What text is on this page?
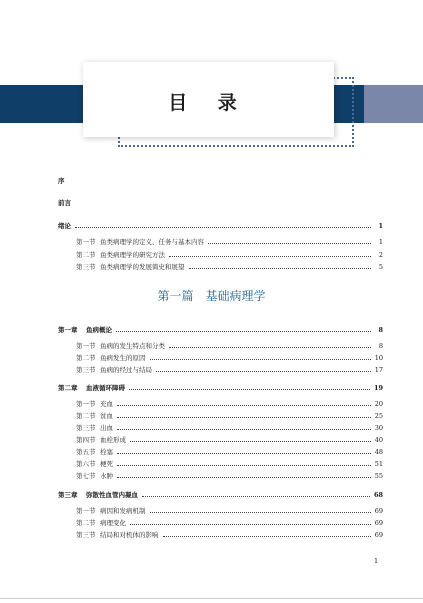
目 录
序
前言
绪论	1
第一节 鱼类病理学的定义、任务与基本内容	1
第二节 鱼类病理学的研究方法	2
第三节 鱼类病理学的发展简史和展望	5
第一篇　基础病理学
第一章	鱼病概论	8
第一节 鱼病的发生特点和分类	8
第二节 鱼病发生的原因	10
第三节 鱼病的经过与结局	17
第二章	血液循环障碍	19
第一节 充血	20
第二节 贫血	25
第三节 出血	30
第四节 血栓形成	40
第五节 栓塞	48
第六节 梗死	51
第七节 水肿	55
第三章	弥散性血管内凝血	68
第一节 病因和发病机制	69
第二节 病理变化	69
第三节 结局和对机体的影响	69
1
